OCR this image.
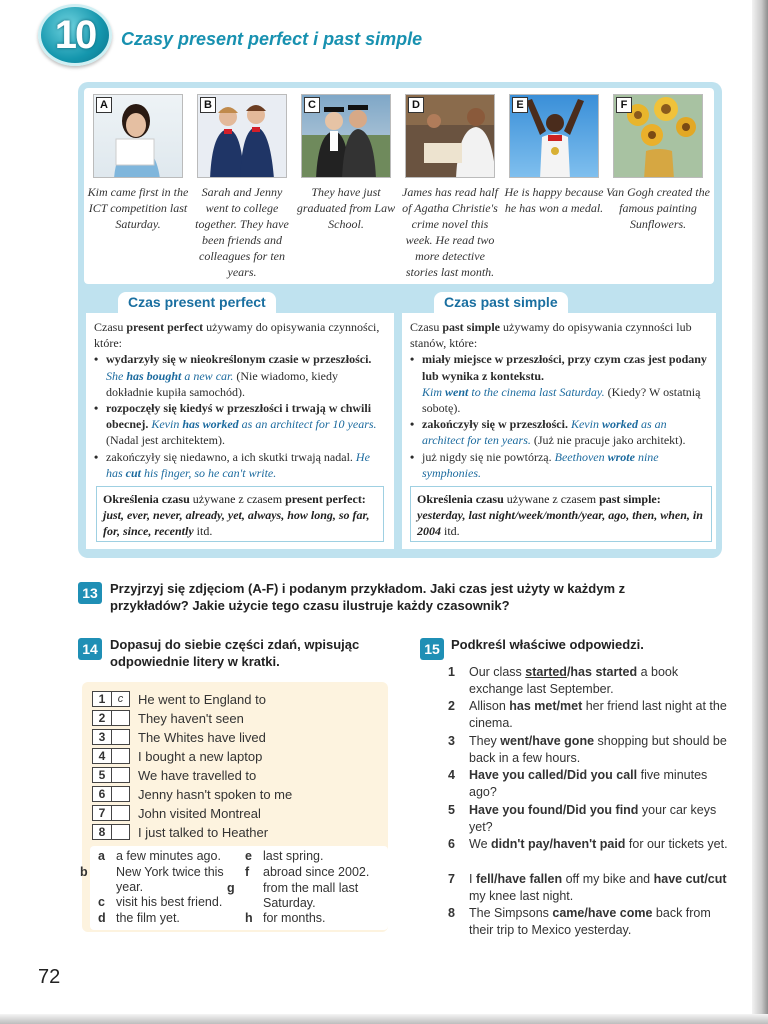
10 Czasy present perfect i past simple
A	B	C	D	E	F
Kim came first in the ICT competition last Saturday.
Sarah and Jenny went to college together. They have been friends and colleagues for ten years.
They have just graduated from Law School.
James has read half of Agatha Christie's crime novel this week. He read two more detective stories last month.
He is happy because he has won a medal.
Van Gogh created the famous painting Sunflowers.
Czas present perfect
Czasu present perfect używamy do opisywania czynności, które:
• wydarzyły się w nieokreślonym czasie w przeszłości.
She has bought a new car. (Nie wiadomo, kiedy dokładnie kupiła samochód).
• rozpoczęły się kiedyś w przeszłości i trwają w chwili obecnej. Kevin has worked as an architect for 10 years. (Nadal jest architektem).
• zakończyły się niedawno, a ich skutki trwają nadal. He has cut his finger, so he can't write.
Określenia czasu używane z czasem present perfect: just, ever, never, already, yet, always, how long, so far, for, since, recently itd.
Czas past simple
Czasu past simple używamy do opisywania czynności lub stanów, które:
• miały miejsce w przeszłości, przy czym czas jest podany lub wynika z kontekstu.
Kim went to the cinema last Saturday. (Kiedy? W ostatnią sobotę).
• zakończyły się w przeszłości. Kevin worked as an architect for ten years. (Już nie pracuje jako architekt).
• już nigdy się nie powtórzą. Beethoven wrote nine symphonies.
Określenia czasu używane z czasem past simple: yesterday, last night/week/month/year, ago, then, when, in 2004 itd.
13 Przyjrzyj się zdjęciom (A-F) i podanym przykładom. Jaki czas jest użyty w każdym z przykładów? Jakie użycie tego czasu ilustruje każdy czasownik?
14 Dopasuj do siebie części zdań, wpisując odpowiednie litery w kratki.
1	c	He went to England to
2	They haven't seen
3	The Whites have lived
4	I bought a new laptop
5	We have travelled to
6	Jenny hasn't spoken to me
7	John visited Montreal
8	I just talked to Heather
a a few minutes ago.
b New York twice this year.
c visit his best friend.
d the film yet.
e last spring.
f abroad since 2002.
g from the mall last Saturday.
h for months.
15 Podkreśl właściwe odpowiedzi.
1	Our class started/has started a book exchange last September.
2	Allison has met/met her friend last night at the cinema.
3	They went/have gone shopping but should be back in a few hours.
4	Have you called/Did you call five minutes ago?
5	Have you found/Did you find your car keys yet?
6	We didn't pay/haven't paid for our tickets yet.
7	I fell/have fallen off my bike and have cut/cut my knee last night.
8	The Simpsons came/have come back from their trip to Mexico yesterday.
72
